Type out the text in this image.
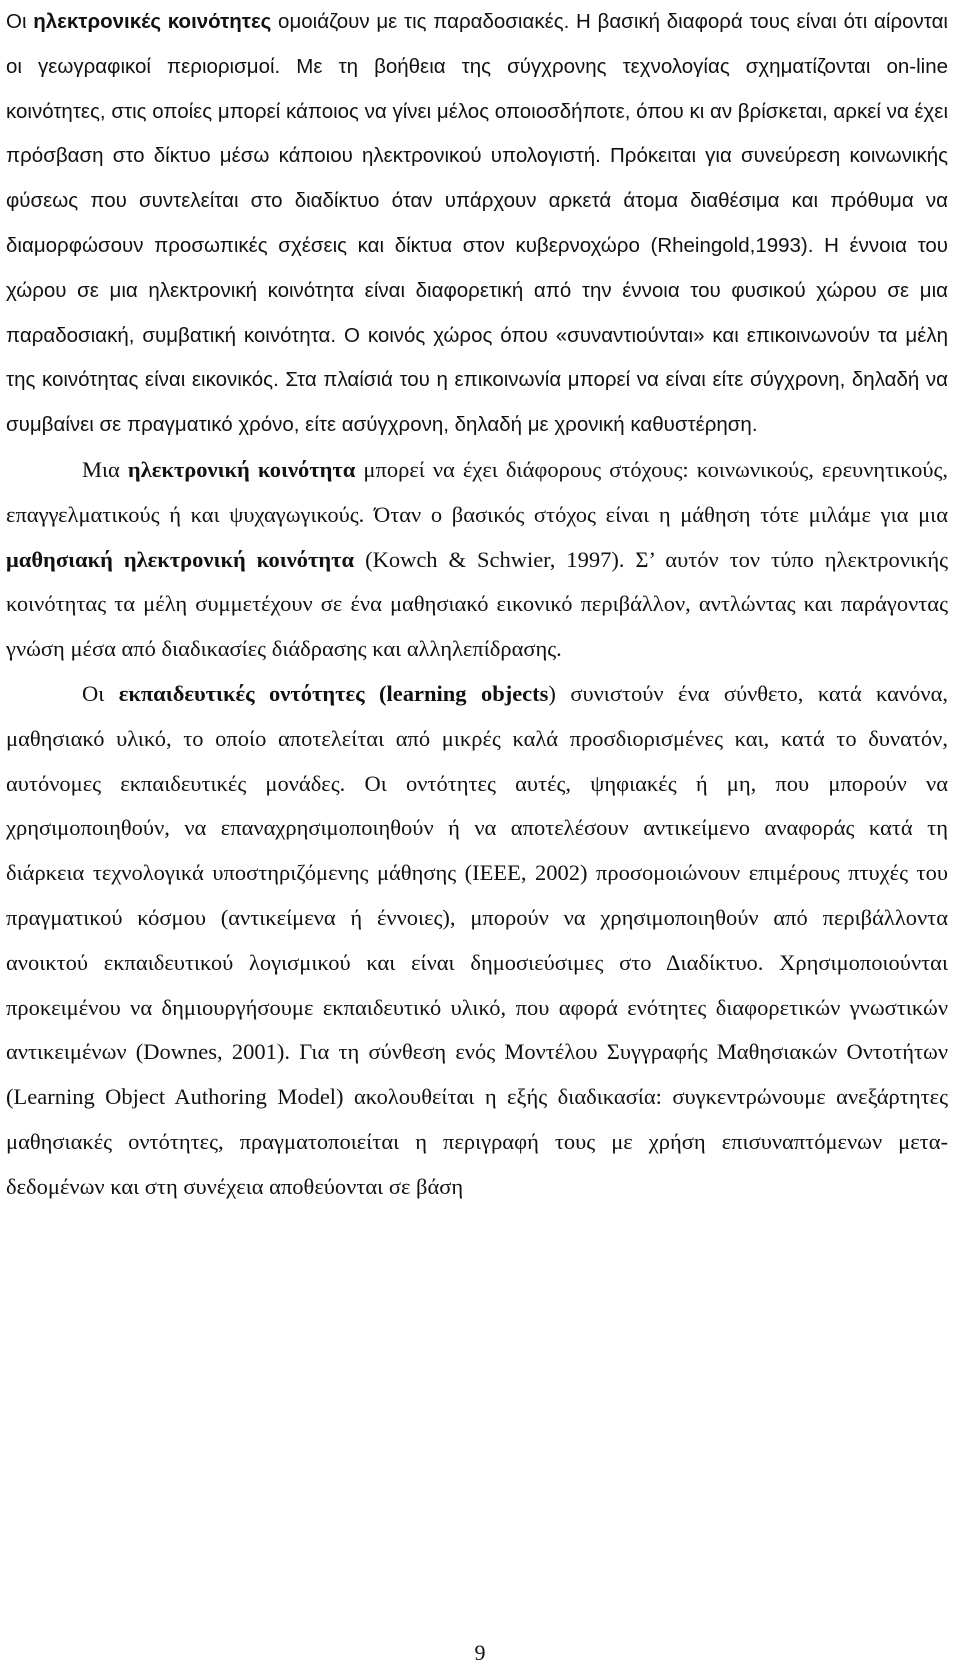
Οι ηλεκτρονικές κοινότητες ομοιάζουν με τις παραδοσιακές. Η βασική διαφορά τους είναι ότι αίρονται οι γεωγραφικοί περιορισμοί. Με τη βοήθεια της σύγχρονης τεχνολογίας σχηματίζονται on-line κοινότητες, στις οποίες μπορεί κάποιος να γίνει μέλος οποιοσδήποτε, όπου κι αν βρίσκεται, αρκεί να έχει πρόσβαση στο δίκτυο μέσω κάποιου ηλεκτρονικού υπολογιστή. Πρόκειται για συνεύρεση κοινωνικής φύσεως που συντελείται στο διαδίκτυο όταν υπάρχουν αρκετά άτομα διαθέσιμα και πρόθυμα να διαμορφώσουν προσωπικές σχέσεις και δίκτυα στον κυβερνοχώρο (Rheingold,1993). Η έννοια του χώρου σε μια ηλεκτρονική κοινότητα είναι διαφορετική από την έννοια του φυσικού χώρου σε μια παραδοσιακή, συμβατική κοινότητα. Ο κοινός χώρος όπου «συναντιούνται» και επικοινωνούν τα μέλη της κοινότητας είναι εικονικός. Στα πλαίσιά του η επικοινωνία μπορεί να είναι είτε σύγχρονη, δηλαδή να συμβαίνει σε πραγματικό χρόνο, είτε ασύγχρονη, δηλαδή με χρονική καθυστέρηση.

Μια ηλεκτρονική κοινότητα μπορεί να έχει διάφορους στόχους: κοινωνικούς, ερευνητικούς, επαγγελματικούς ή και ψυχαγωγικούς. Όταν ο βασικός στόχος είναι η μάθηση τότε μιλάμε για μια μαθησιακή ηλεκτρονική κοινότητα (Kowch & Schwier, 1997). Σ’ αυτόν τον τύπο ηλεκτρονικής κοινότητας τα μέλη συμμετέχουν σε ένα μαθησιακό εικονικό περιβάλλον, αντλώντας και παράγοντας γνώση μέσα από διαδικασίες διάδρασης και αλληλεπίδρασης.

Οι εκπαιδευτικές οντότητες (learning objects) συνιστούν ένα σύνθετο, κατά κανόνα, μαθησιακό υλικό, το οποίο αποτελείται από μικρές καλά προσδιορισμένες και, κατά το δυνατόν, αυτόνομες εκπαιδευτικές μονάδες. Οι οντότητες αυτές, ψηφιακές ή μη, που μπορούν να χρησιμοποιηθούν, να επαναχρησιμοποιηθούν ή να αποτελέσουν αντικείμενο αναφοράς κατά τη διάρκεια τεχνολογικά υποστηριζόμενης μάθησης (IEEE, 2002) προσομοιώνουν επιμέρους πτυχές του πραγματικού κόσμου (αντικείμενα ή έννοιες), μπορούν να χρησιμοποιηθούν από περιβάλλοντα ανοικτού εκπαιδευτικού λογισμικού και είναι δημοσιεύσιμες στο Διαδίκτυο. Χρησιμοποιούνται προκειμένου να δημιουργήσουμε εκπαιδευτικό υλικό, που αφορά ενότητες διαφορετικών γνωστικών αντικειμένων (Downes, 2001). Για τη σύνθεση ενός Μοντέλου Συγγραφής Μαθησιακών Οντοτήτων (Learning Object Authoring Model) ακολουθείται η εξής διαδικασία: συγκεντρώνουμε ανεξάρτητες μαθησιακές οντότητες, πραγματοποιείται η περιγραφή τους με χρήση επισυναπτόμενων μετα-δεδομένων και στη συνέχεια αποθεύονται σε βάση

9
